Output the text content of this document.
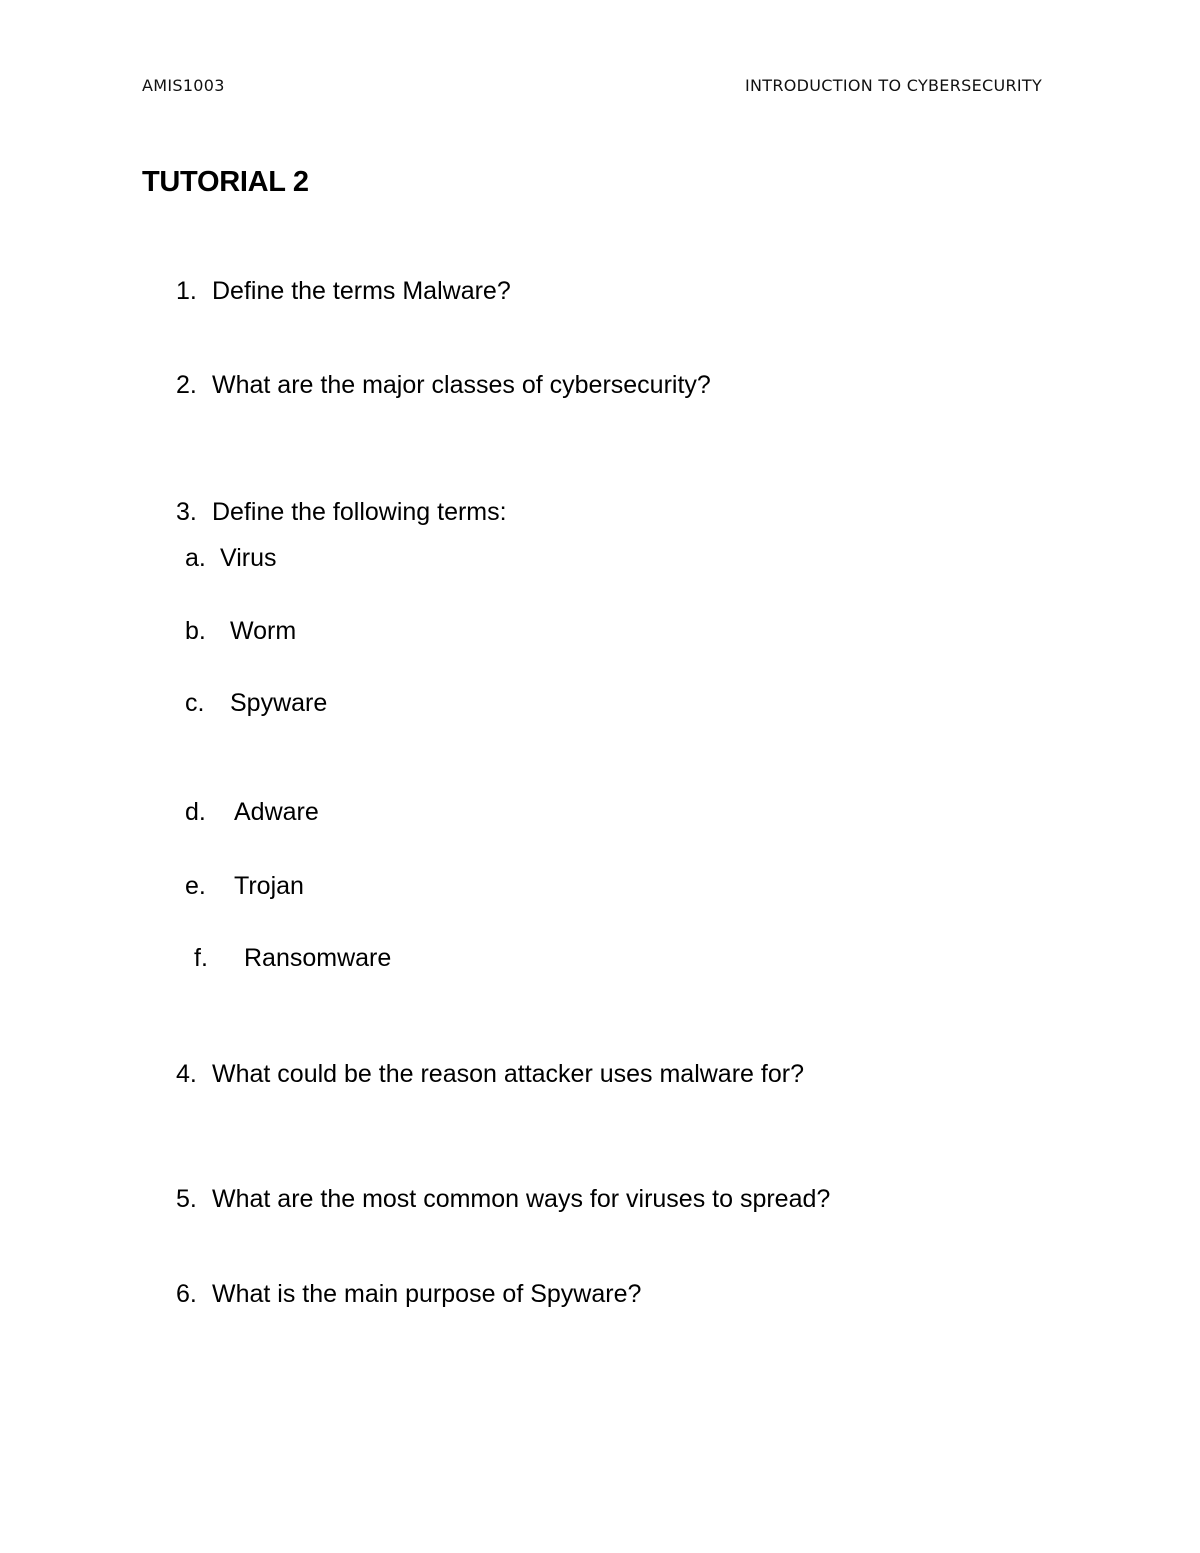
AMIS1003	INTRODUCTION TO CYBERSECURITY
TUTORIAL 2
1. Define the terms Malware?
2. What are the major classes of cybersecurity?
3. Define the following terms:
a. Virus
b. Worm
c. Spyware
d. Adware
e. Trojan
f. Ransomware
4. What could be the reason attacker uses malware for?
5. What are the most common ways for viruses to spread?
6. What is the main purpose of Spyware?
